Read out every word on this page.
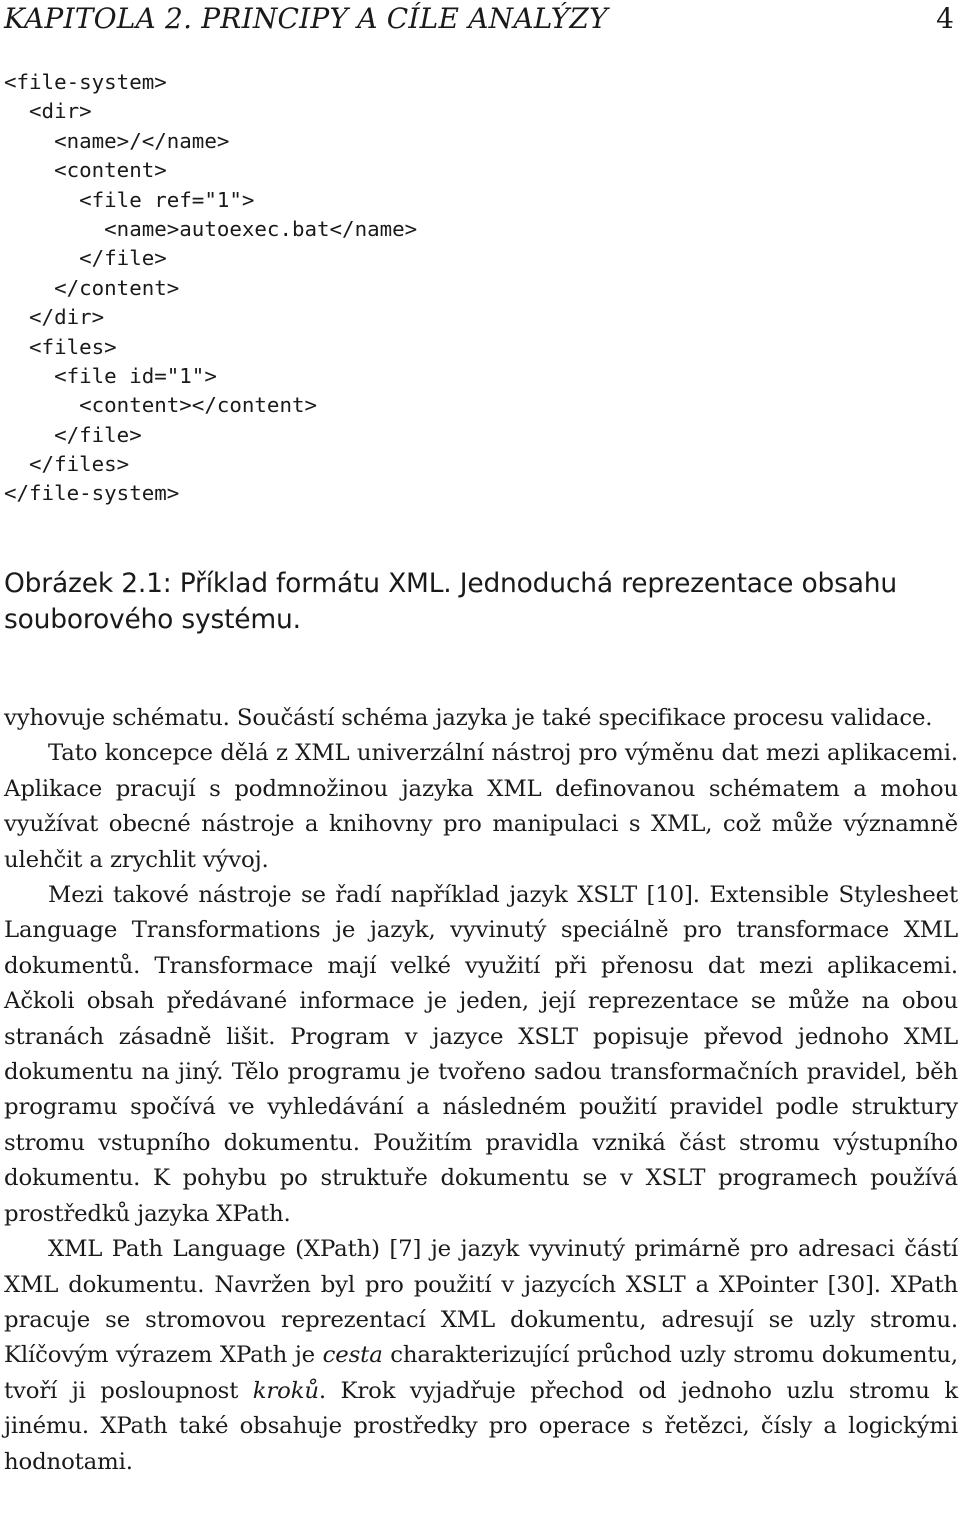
KAPITOLA 2. PRINCIPY A CÍLE ANALÝZY	4
<file-system>
<dir>
<name>/</name>
<content>
<file ref="1">
<name>autoexec.bat</name>
</file>
</content>
</dir>
<files>
<file id="1">
<content></content>
</file>
</files>
</file-system>
Obrázek 2.1: Příklad formátu XML. Jednoduchá reprezentace obsahu souborového systému.

vyhovuje schématu. Součástí schéma jazyka je také specifikace procesu validace.

Tato koncepce dělá z XML univerzální nástroj pro výměnu dat mezi aplikacemi. Aplikace pracují s podmnožinou jazyka XML definovanou schématem a mohou využívat obecné nástroje a knihovny pro manipulaci s XML, což může významně ulehčit a zrychlit vývoj.

Mezi takové nástroje se řadí například jazyk XSLT [10]. Extensible Stylesheet Language Transformations je jazyk, vyvinutý speciálně pro transformace XML dokumentů. Transformace mají velké využití při přenosu dat mezi aplikacemi. Ačkoli obsah předávané informace je jeden, její reprezentace se může na obou stranách zásadně lišit. Program v jazyce XSLT popisuje převod jednoho XML dokumentu na jiný. Tělo programu je tvořeno sadou transformačních pravidel, běh programu spočívá ve vyhledávání a následném použití pravidel podle struktury stromu vstupního dokumentu. Použitím pravidla vzniká část stromu výstupního dokumentu. K pohybu po struktuře dokumentu se v XSLT programech používá prostředků jazyka XPath.

XML Path Language (XPath) [7] je jazyk vyvinutý primárně pro adresaci částí XML dokumentu. Navržen byl pro použití v jazycích XSLT a XPointer [30]. XPath pracuje se stromovou reprezentací XML dokumentu, adresují se uzly stromu. Klíčovým výrazem XPath je cesta charakterizující průchod uzly stromu dokumentu, tvoří ji posloupnost kroků. Krok vyjadřuje přechod od jednoho uzlu stromu k jinému. XPath také obsahuje prostředky pro operace s řetězci, čísly a logickými hodnotami.
